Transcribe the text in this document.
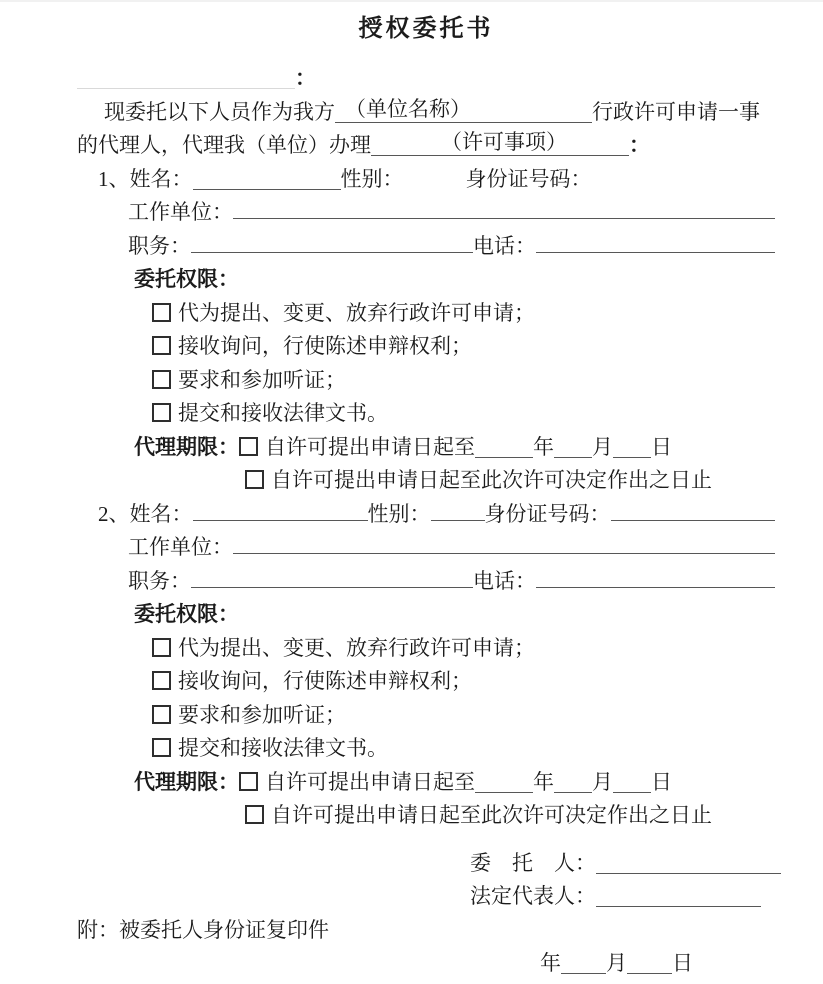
授权委托书
：
现委托以下人员作为我方 （单位名称）	行政许可申请一事
的代理人，代理我（单位）办理	（许可事项）	：
1、姓名：	性别：	身份证号码：
工作单位：
职务：	电话：
委托权限：
代为提出、变更、放弃行政许可申请；
接收询问，行使陈述申辩权利；
要求和参加听证；
提交和接收法律文书。
代理期限： 自许可提出申请日起至	年 月 日
自许可提出申请日起至此次许可决定作出之日止
2、 姓名：	性别：	身份证号码：
工作单位：
职务：	电话：
委托权限：
代为提出、变更、放弃行政许可申请；
接收询问，行使陈述申辩权利；
要求和参加听证；
提交和接收法律文书。
代理期限： 自许可提出申请日起至	年 月 日
自许可提出申请日起至此次许可决定作出之日止
委　托　人：
法定代表人：
附：被委托人身份证复印件
年 月 日
